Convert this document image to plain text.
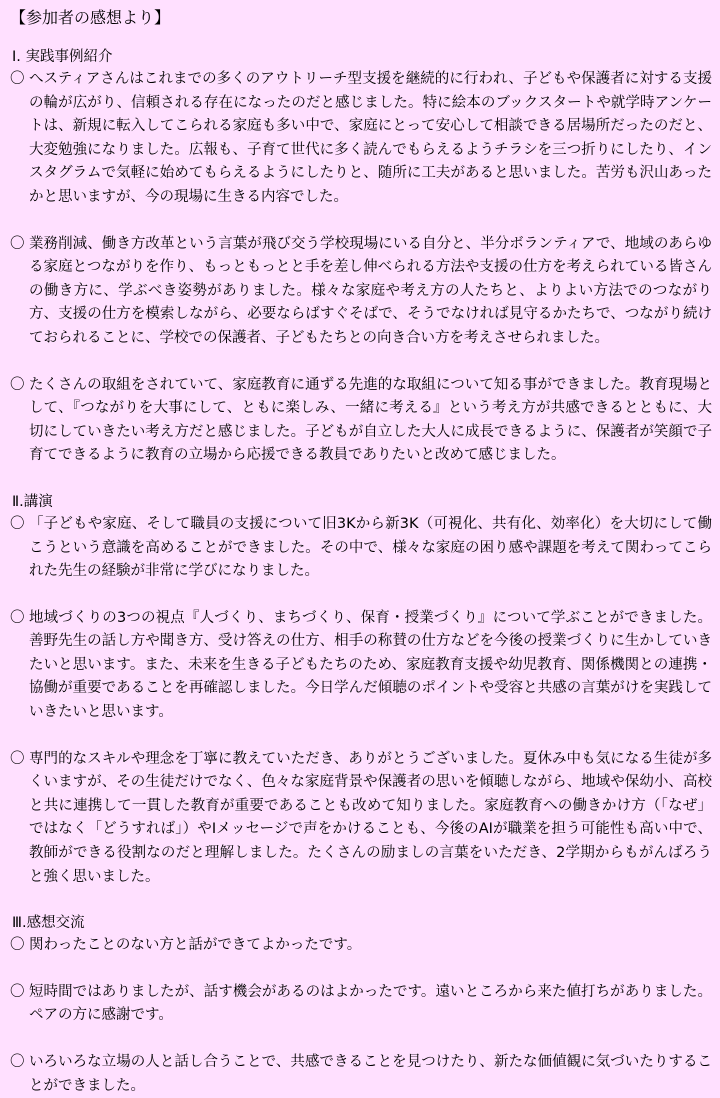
【参加者の感想より】
Ⅰ. 実践事例紹介
〇 へスティアさんはこれまでの多くのアウトリーチ型支援を継続的に行われ、子どもや保護者に対する支援の輪が広がり、信頼される存在になったのだと感じました。特に絵本のブックスタートや就学時アンケートは、新規に転入してこられる家庭も多い中で、家庭にとって安心して相談できる居場所だったのだと、大変勉強になりました。広報も、子育て世代に多く読んでもらえるようチラシを三つ折りにしたり、インスタグラムで気軽に始めてもらえるようにしたりと、随所に工夫があると思いました。苦労も沢山あったかと思いますが、今の現場に生きる内容でした。
〇 業務削減、働き方改革という言葉が飛び交う学校現場にいる自分と、半分ボランティアで、地域のあらゆる家庭とつながりを作り、もっともっとと手を差し伸べられる方法や支援の仕方を考えられている皆さんの働き方に、学ぶべき姿勢がありました。様々な家庭や考え方の人たちと、よりよい方法でのつながり方、支援の仕方を模索しながら、必要ならばすぐそばで、そうでなければ見守るかたちで、つながり続けておられることに、学校での保護者、子どもたちとの向き合い方を考えさせられました。
〇 たくさんの取組をされていて、家庭教育に通ずる先進的な取組について知る事ができました。教育現場として、『つながりを大事にして、ともに楽しみ、一緒に考える』という考え方が共感できるとともに、大切にしていきたい考え方だと感じました。子どもが自立した大人に成長できるように、保護者が笑顔で子育てできるように教育の立場から応援できる教員でありたいと改めて感じました。
Ⅱ.講演
〇 「子どもや家庭、そして職員の支援について旧3Kから新3K（可視化、共有化、効率化）を大切にして働こうという意識を高めることができました。その中で、様々な家庭の困り感や課題を考えて関わってこられた先生の経験が非常に学びになりました。
〇 地域づくりの3つの視点『人づくり、まちづくり、保育・授業づくり』について学ぶことができました。善野先生の話し方や聞き方、受け答えの仕方、相手の称賛の仕方などを今後の授業づくりに生かしていきたいと思います。また、未来を生きる子どもたちのため、家庭教育支援や幼児教育、関係機関との連携・協働が重要であることを再確認しました。今日学んだ傾聴のポイントや受容と共感の言葉がけを実践していきたいと思います。
〇 専門的なスキルや理念を丁寧に教えていただき、ありがとうございました。夏休み中も気になる生徒が多くいますが、その生徒だけでなく、色々な家庭背景や保護者の思いを傾聴しながら、地域や保幼小、高校と共に連携して一貫した教育が重要であることも改めて知りました。家庭教育への働きかけ方（「なぜ」ではなく「どうすれば」）やIメッセージで声をかけることも、今後のAIが職業を担う可能性も高い中で、教師ができる役割なのだと理解しました。たくさんの励ましの言葉をいただき、2学期からもがんばろうと強く思いました。
Ⅲ.感想交流
〇 関わったことのない方と話ができてよかったです。
〇 短時間ではありましたが、話す機会があるのはよかったです。遠いところから来た値打ちがありました。ペアの方に感謝です。
〇 いろいろな立場の人と話し合うことで、共感できることを見つけたり、新たな価値観に気づいたりすることができました。
